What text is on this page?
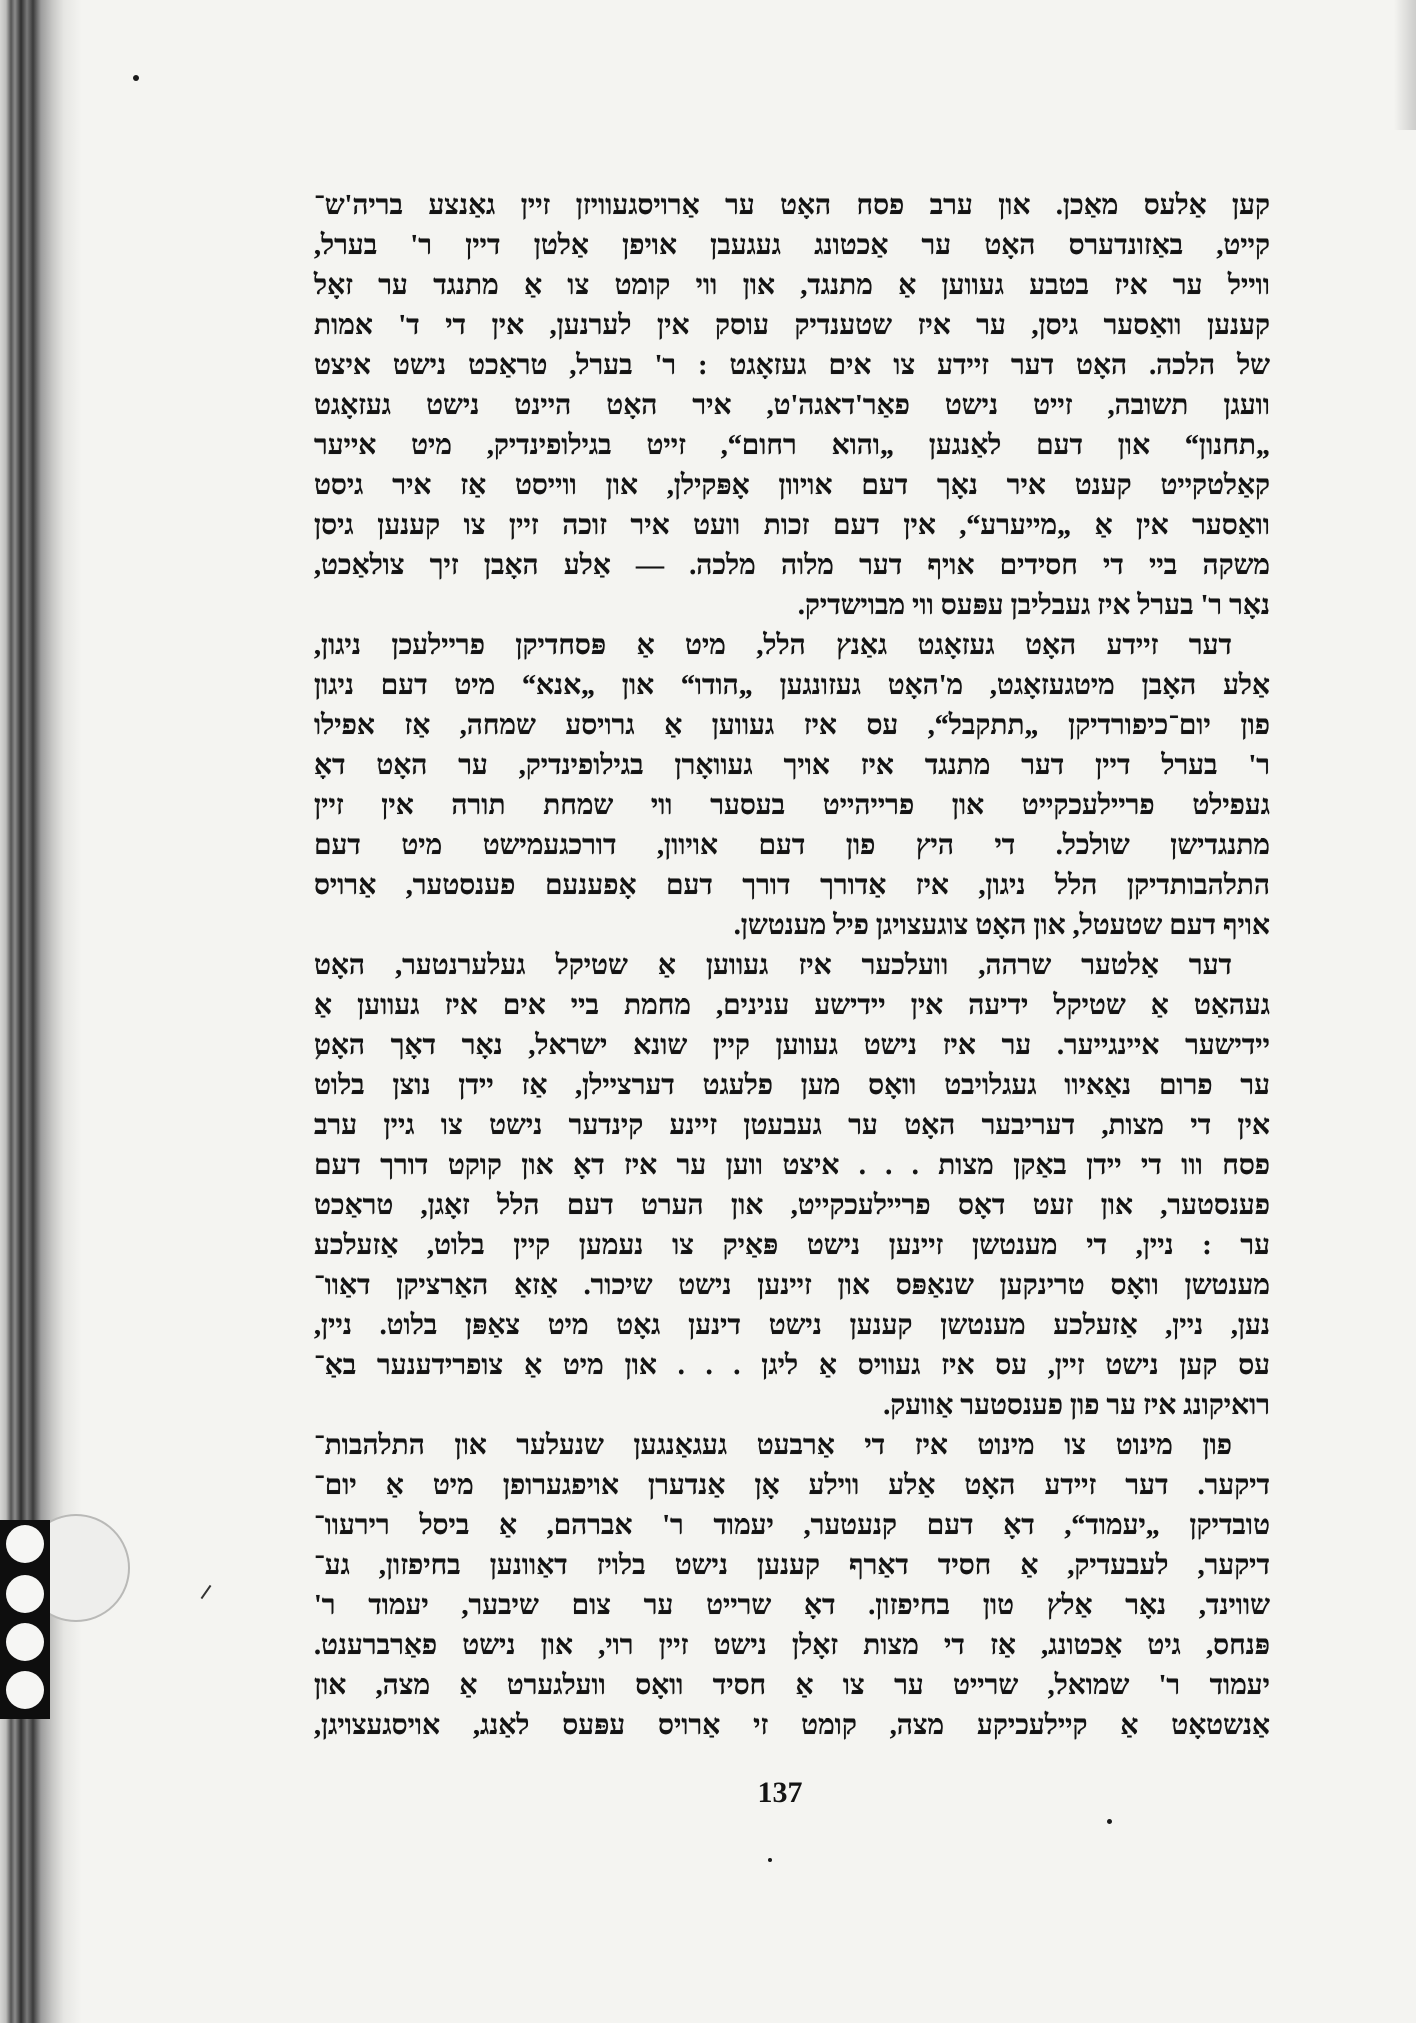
קען אַלעס מאַכן. און ערב פסח האָט ער אַרויסגעוויזן זיין גאַנצע בריה'ש־
קייט, באַזונדערס האָט ער אַכטונג געגעבן אויפן אַלטן דיין ר' בערל,
ווייל ער איז בטבע געווען אַ מתנגד, און ווי קומט צו אַ מתנגד ער זאָל
קענען וואַסער גיסן, ער איז שטענדיק עוסק אין לערנען, אין די ד' אמות
של הלכה. האָט דער זיידע צו אים געזאָגט : ר' בערל, טראַכט נישט איצט
וועגן תשובה, זייט נישט פאַר'דאגה'ט, איר האָט היינט נישט געזאָגט
„תחנון“ און דעם לאַנגען „והוא רחום“, זייט בגילופינדיק, מיט אייער
קאַלטקייט קענט איר נאָך דעם אויוון אָפּקילן, און ווייסט אַז איר גיסט
וואַסער אין אַ „מייערע“, אין דעם זכות וועט איר זוכה זיין צו קענען גיסן
משקה ביי די חסידים אויף דער מלוה מלכה. — אַלע האָבן זיך צולאַכט,
נאָר ר' בערל איז געבליבן עפּעס ווי מבוישדיק.
דער זיידע האָט געזאָגט גאַנץ הלל, מיט אַ פּסחדיקן פריילעכן ניגון,
אַלע האָבן מיטגעזאָגט, מ'האָט געזונגען „הודו“ און „אנא“ מיט דעם ניגון
פון יום־כיפורדיקן „תתקבל“, עס איז געווען אַ גרויסע שמחה, אַז אפילו
ר' בערל דיין דער מתנגד איז אויך געוואָרן בגילופינדיק, ער האָט דאָ
געפילט פריילעכקייט און פרייהייט בעסער ווי שמחת תורה אין זיין
מתנגדישן שולכל. די היץ פון דעם אויוון, דורכגעמישט מיט דעם
התלהבותדיקן הלל ניגון, איז אַדורך דורך דעם אָפענעם פענסטער, אַרויס
אויף דעם שטעטל, און האָט צוגעצויגן פיל מענטשן.
דער אַלטער שרהה, וועלכער איז געווען אַ שטיקל געלערנטער, האָט
געהאַט אַ שטיקל ידיעה אין יידישע ענינים, מחמת ביי אים איז געווען אַ
יידישער איינגייער. ער איז נישט געווען קיין שונא ישראל, נאָר דאָך האָט
ער פרום נאַאיוו געגלויבט וואָס מען פלעגט דערציילן, אַז יידן נוצן בלוט
אין די מצות, דעריבער האָט ער געבעטן זיינע קינדער נישט צו גיין ערב
פסח ווו די יידן באַקן מצות . . . איצט ווען ער איז דאָ און קוקט דורך דעם
פענסטער, און זעט דאָס פריילעכקייט, און הערט דעם הלל זאָגן, טראַכט
ער : ניין, די מענטשן זיינען נישט פּאַיק צו נעמען קיין בלוט, אַזעלכע
מענטשן וואָס טרינקען שנאַפּס און זיינען נישט שיכור. אַזאַ האַרציקן דאַוו־
נען, ניין, אַזעלכע מענטשן קענען נישט דינען גאָט מיט צאַפּן בלוט. ניין,
עס קען נישט זיין, עס איז געוויס אַ ליגן . . . און מיט אַ צופרידענער באַ־
רואיקונג איז ער פון פענסטער אַוועק.
פון מינוט צו מינוט איז די אַרבעט געגאַנגען שנעלער און התלהבות־
דיקער. דער זיידע האָט אַלע ווילע אָן אַנדערן אויפגערופן מיט אַ יום־
טובדיקן „יעמוד“, דאָ דעם קנעטער, יעמוד ר' אברהם, אַ ביסל רירעוו־
דיקער, לעבעדיק, אַ חסיד דאַרף קענען נישט בלויז דאַוונען בחיפזון, גע־
שווינד, נאָר אַלץ טון בחיפזון. דאָ שרייט ער צום שיבער, יעמוד ר'
פּנחס, גיט אַכטונג, אַז די מצות זאָלן נישט זיין רוי, און נישט פאַרברענט.
יעמוד ר' שמואל, שרייט ער צו אַ חסיד וואָס וועלגערט אַ מצה, און
אַנשטאָט אַ קיילעכיקע מצה, קומט זי אַרויס עפּעס לאַנג, אויסגעצויגן,
137
